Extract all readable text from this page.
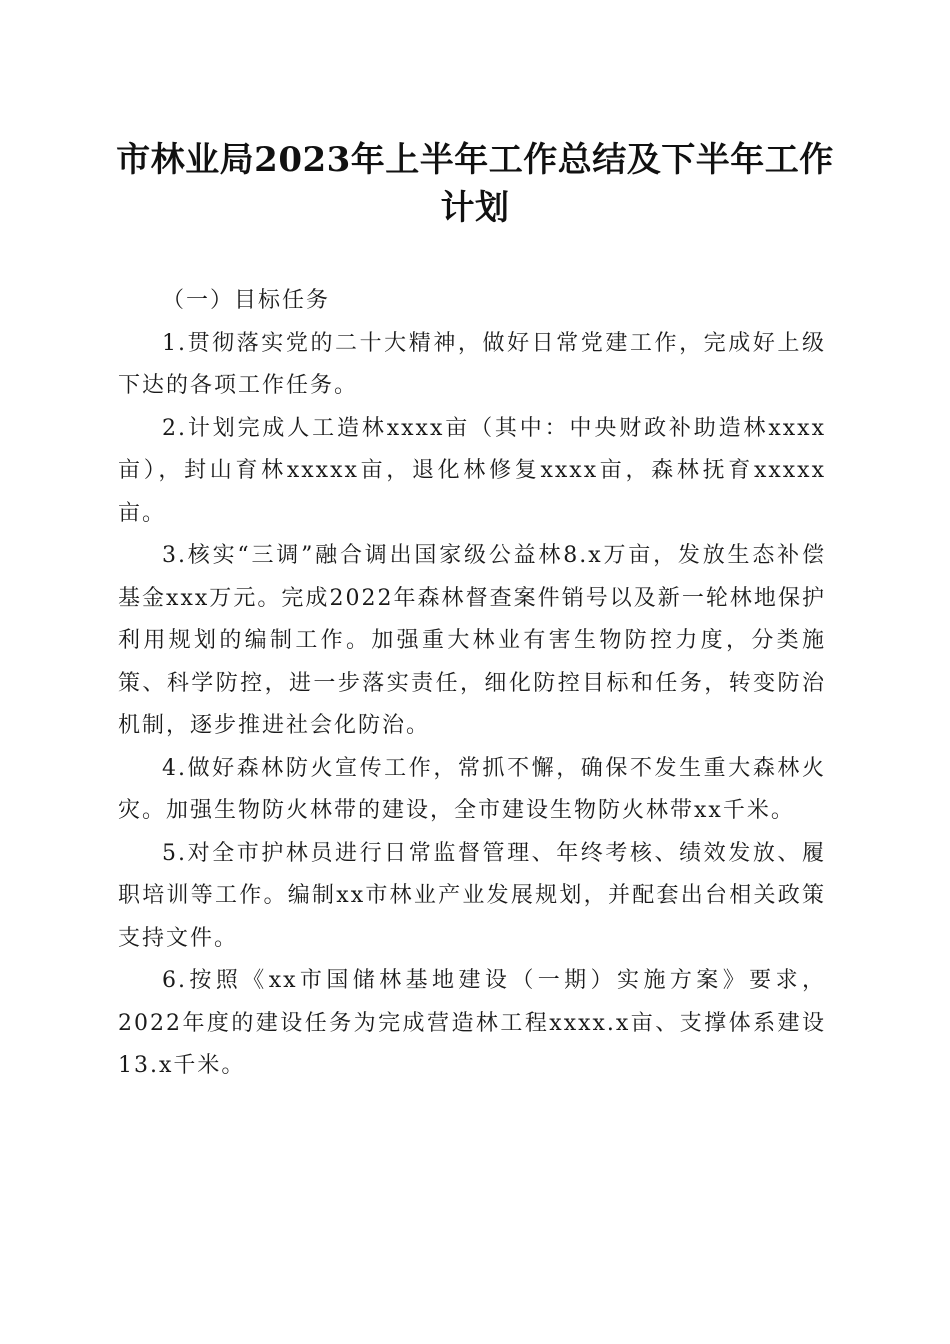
市林业局2023年上半年工作总结及下半年工作计划
（一）目标任务

1.贯彻落实党的二十大精神，做好日常党建工作，完成好上级下达的各项工作任务。

2.计划完成人工造林xxxx亩（其中：中央财政补助造林xxxx亩），封山育林xxxxx亩，退化林修复xxxx亩，森林抚育xxxxx亩。

3.核实“三调”融合调出国家级公益林8.x万亩，发放生态补偿基金xxx万元。完成2022年森林督查案件销号以及新一轮林地保护利用规划的编制工作。加强重大林业有害生物防控力度，分类施策、科学防控，进一步落实责任，细化防控目标和任务，转变防治机制，逐步推进社会化防治。

4.做好森林防火宣传工作，常抓不懈，确保不发生重大森林火灾。加强生物防火林带的建设，全市建设生物防火林带xx千米。

5.对全市护林员进行日常监督管理、年终考核、绩效发放、履职培训等工作。编制xx市林业产业发展规划，并配套出台相关政策支持文件。

6.按照《xx市国储林基地建设（一期）实施方案》要求，2022年度的建设任务为完成营造林工程xxxx.x亩、支撑体系建设13.x千米。
